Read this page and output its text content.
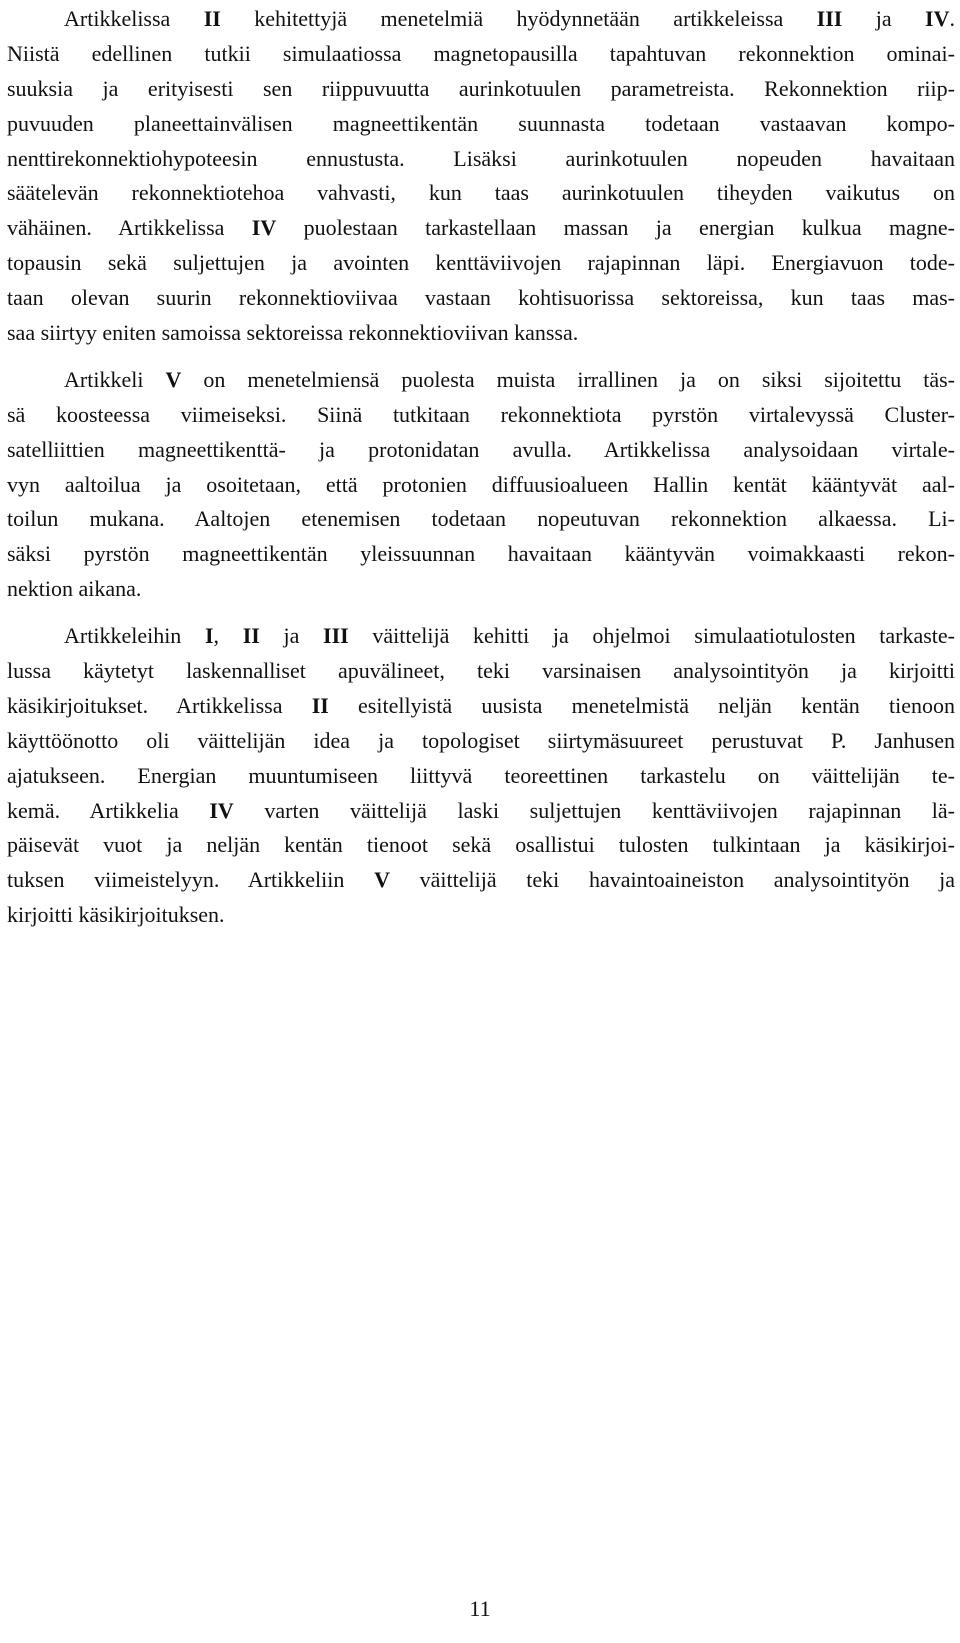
Artikkelissa II kehitettyjä menetelmiä hyödynnetään artikkeleissa III ja IV.
Niistä edellinen tutkii simulaatiossa magnetopausilla tapahtuvan rekonnektion ominai-
suuksia ja erityisesti sen riippuvuutta aurinkotuulen parametreista. Rekonnektion riip-
puvuuden planeettainvälisen magneettikentän suunnasta todetaan vastaavan kompo-
nenttirekonnektiohypoteesin ennustusta. Lisäksi aurinkotuulen nopeuden havaitaan
säätelevän rekonnektiotehoa vahvasti, kun taas aurinkotuulen tiheyden vaikutus on
vähäinen. Artikkelissa IV puolestaan tarkastellaan massan ja energian kulkua magne-
topausin sekä suljettujen ja avointen kenttäviivojen rajapinnan läpi. Energiavuon tode-
taan olevan suurin rekonnektioviivaa vastaan kohtisuorissa sektoreissa, kun taas mas-
saa siirtyy eniten samoissa sektoreissa rekonnektioviivan kanssa.
Artikkeli V on menetelmiensä puolesta muista irrallinen ja on siksi sijoitettu täs-
sä koosteessa viimeiseksi. Siinä tutkitaan rekonnektiota pyrstön virtalevyssä Cluster-
satelliittien magneettikenttä- ja protonidatan avulla. Artikkelissa analysoidaan virtale-
vyn aaltoilua ja osoitetaan, että protonien diffuusioalueen Hallin kentät kääntyvät aal-
toilun mukana. Aaltojen etenemisen todetaan nopeutuvan rekonnektion alkaessa. Li-
säksi pyrstön magneettikentän yleissuunnan havaitaan kääntyvän voimakkaasti rekon-
nektion aikana.
Artikkeleihin I, II ja III väittelijä kehitti ja ohjelmoi simulaatiotulosten tarkaste-
lussa käytetyt laskennalliset apuvälineet, teki varsinaisen analysointityön ja kirjoitti
käsikirjoitukset. Artikkelissa II esitellyistä uusista menetelmistä neljän kentän tienoon
käyttöönotto oli väittelijän idea ja topologiset siirtymäsuureet perustuvat P. Janhusen
ajatukseen. Energian muuntumiseen liittyvä teoreettinen tarkastelu on väittelijän te-
kemä. Artikkelia IV varten väittelijä laski suljettujen kenttäviivojen rajapinnan lä-
päisevät vuot ja neljän kentän tienoot sekä osallistui tulosten tulkintaan ja käsikirjoi-
tuksen viimeistelyyn. Artikkeliin V väittelijä teki havaintoaineiston analysointityön ja
kirjoitti käsikirjoituksen.
11
